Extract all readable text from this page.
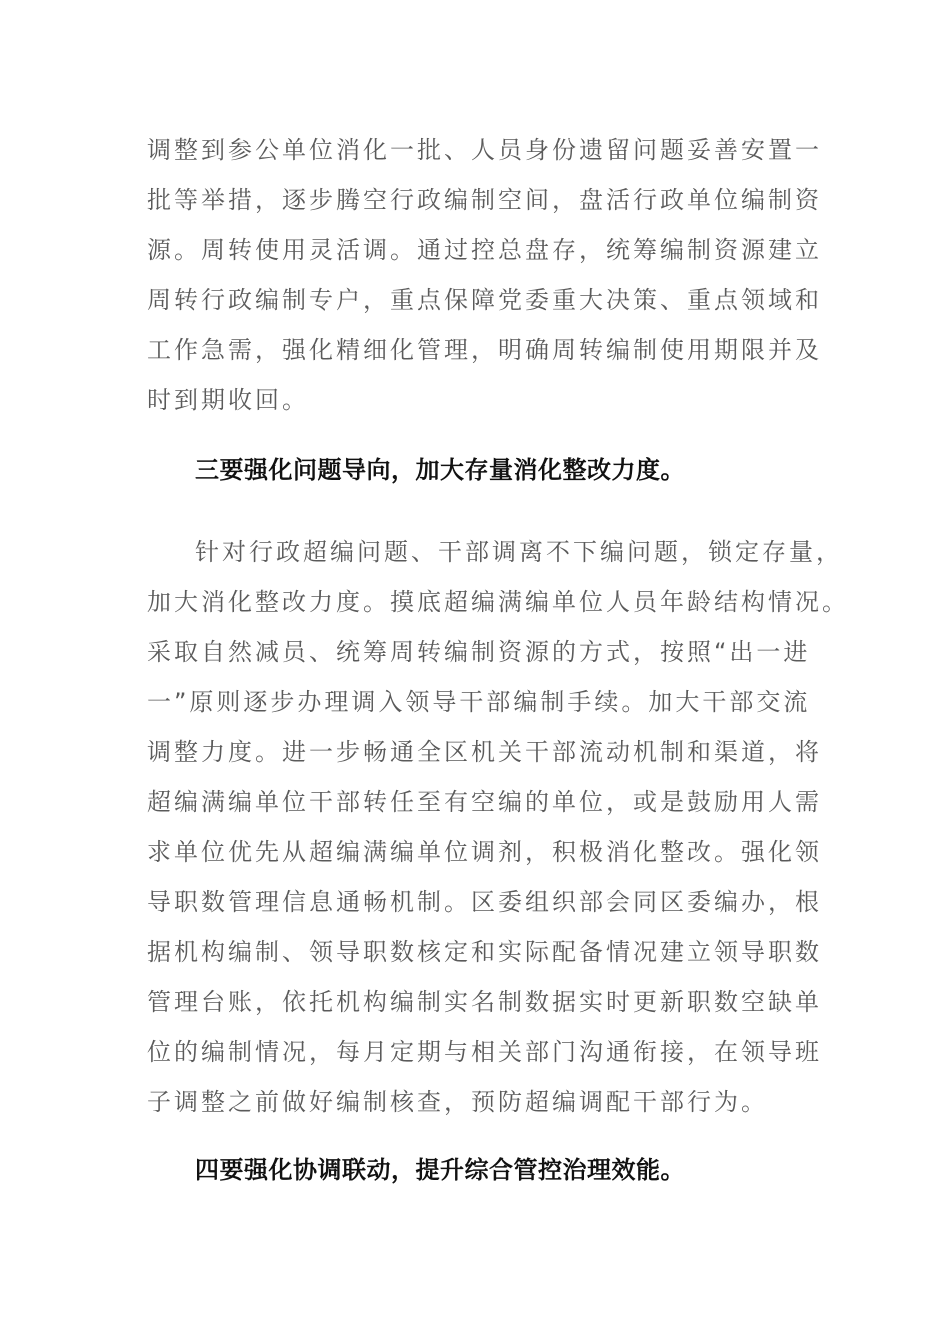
调整到参公单位消化一批、人员身份遗留问题妥善安置一
批等举措，逐步腾空行政编制空间，盘活行政单位编制资
源。周转使用灵活调。通过控总盘存，统筹编制资源建立
周转行政编制专户，重点保障党委重大决策、重点领域和
工作急需，强化精细化管理，明确周转编制使用期限并及
时到期收回。
三要强化问题导向，加大存量消化整改力度。
针对行政超编问题、干部调离不下编问题，锁定存量，
加大消化整改力度。摸底超编满编单位人员年龄结构情况。
采取自然减员、统筹周转编制资源的方式，按照“出一进
一”原则逐步办理调入领导干部编制手续。加大干部交流
调整力度。进一步畅通全区机关干部流动机制和渠道，将
超编满编单位干部转任至有空编的单位，或是鼓励用人需
求单位优先从超编满编单位调剂，积极消化整改。强化领
导职数管理信息通畅机制。区委组织部会同区委编办，根
据机构编制、领导职数核定和实际配备情况建立领导职数
管理台账，依托机构编制实名制数据实时更新职数空缺单
位的编制情况，每月定期与相关部门沟通衔接，在领导班
子调整之前做好编制核查，预防超编调配干部行为。
四要强化协调联动，提升综合管控治理效能。
